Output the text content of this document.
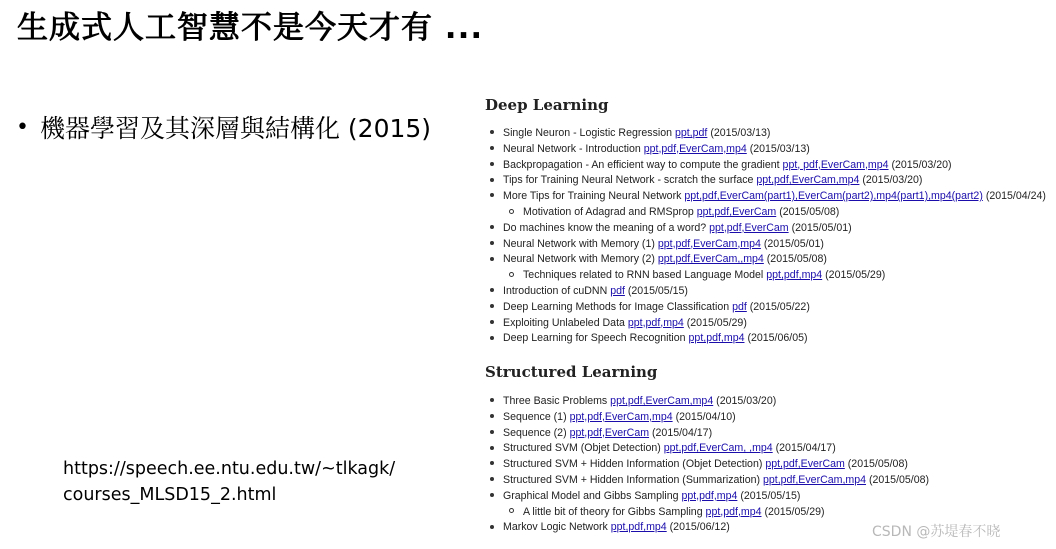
生成式人工智慧不是今天才有 ...
• 機器學習及其深層與結構化 (2015)
https://speech.ee.ntu.edu.tw/~tlkagk/ courses_MLSD15_2.html
Deep Learning
Single Neuron - Logistic Regression ppt,pdf (2015/03/13)
Neural Network - Introduction ppt,pdf,EverCam,mp4 (2015/03/13)
Backpropagation - An efficient way to compute the gradient ppt, pdf,EverCam,mp4 (2015/03/20)
Tips for Training Neural Network - scratch the surface ppt,pdf,EverCam,mp4 (2015/03/20)
More Tips for Training Neural Network ppt,pdf,EverCam(part1),EverCam(part2),mp4(part1),mp4(part2) (2015/04/24)
Motivation of Adagrad and RMSprop ppt,pdf,EverCam (2015/05/08)
Do machines know the meaning of a word? ppt,pdf,EverCam (2015/05/01)
Neural Network with Memory (1) ppt,pdf,EverCam,mp4 (2015/05/01)
Neural Network with Memory (2) ppt,pdf,EverCam,,mp4 (2015/05/08)
Techniques related to RNN based Language Model ppt,pdf,mp4 (2015/05/29)
Introduction of cuDNN pdf (2015/05/15)
Deep Learning Methods for Image Classification pdf (2015/05/22)
Exploiting Unlabeled Data ppt,pdf,mp4 (2015/05/29)
Deep Learning for Speech Recognition ppt,pdf,mp4 (2015/06/05)
Structured Learning
Three Basic Problems ppt,pdf,EverCam,mp4 (2015/03/20)
Sequence (1) ppt,pdf,EverCam,mp4 (2015/04/10)
Sequence (2) ppt,pdf,EverCam (2015/04/17)
Structured SVM (Objet Detection) ppt,pdf,EverCam, ,mp4 (2015/04/17)
Structured SVM + Hidden Information (Objet Detection) ppt,pdf,EverCam (2015/05/08)
Structured SVM + Hidden Information (Summarization) ppt,pdf,EverCam,mp4 (2015/05/08)
Graphical Model and Gibbs Sampling ppt,pdf,mp4 (2015/05/15)
A little bit of theory for Gibbs Sampling ppt,pdf,mp4 (2015/05/29)
Markov Logic Network ppt,pdf,mp4 (2015/06/12)	CSDN @苏堤春不晓
